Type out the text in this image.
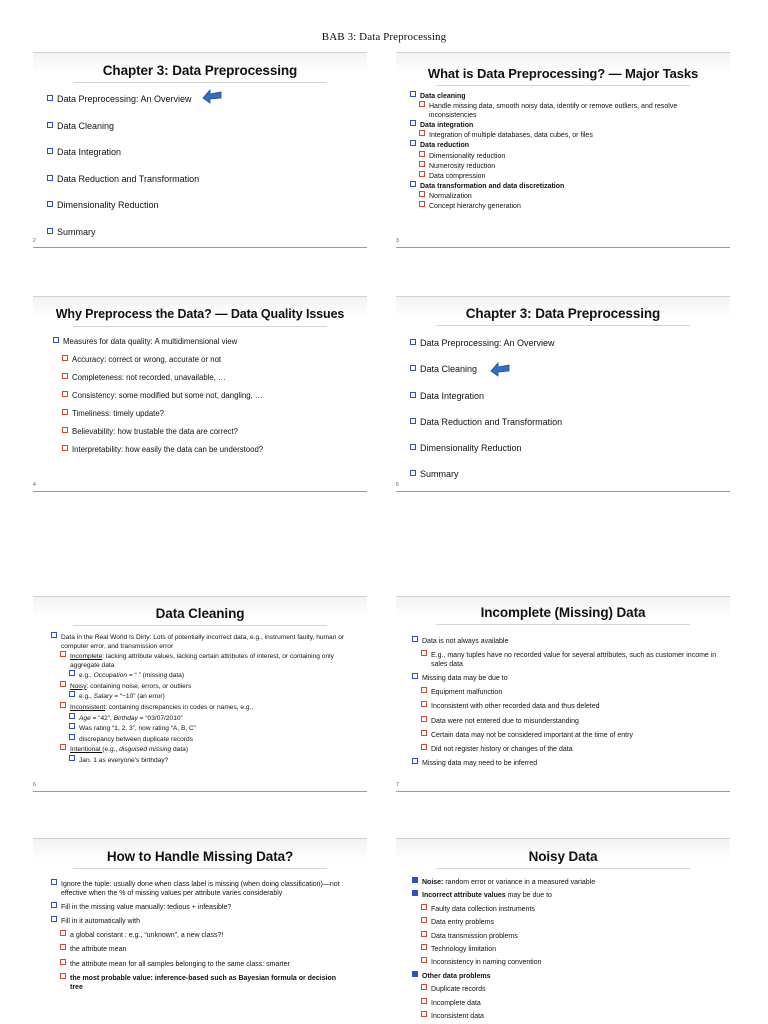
BAB 3: Data Preprocessing
Chapter 3: Data Preprocessing
Data Preprocessing: An Overview
Data Cleaning
Data Integration
Data Reduction and Transformation
Dimensionality Reduction
Summary
2
What is Data Preprocessing? — Major Tasks
Data cleaning
Handle missing data, smooth noisy data, identify or remove outliers, and resolve inconsistencies
Data integration
Integration of multiple databases, data cubes, or files
Data reduction
Dimensionality reduction
Numerosity reduction
Data compression
Data transformation and data discretization
Normalization
Concept hierarchy generation
3
Why Preprocess the Data? — Data Quality Issues
Measures for data quality: A multidimensional view
Accuracy: correct or wrong, accurate or not
Completeness: not recorded, unavailable, …
Consistency: some modified but some not, dangling, …
Timeliness: timely update?
Believability: how trustable the data are correct?
Interpretability: how easily the data can be understood?
4
Chapter 3: Data Preprocessing
Data Preprocessing: An Overview
Data Cleaning
Data Integration
Data Reduction and Transformation
Dimensionality Reduction
Summary
5
Data Cleaning
Data in the Real World Is Dirty: Lots of potentially incorrect data, e.g., instrument faulty, human or computer error, and transmission error
Incomplete: lacking attribute values, lacking certain attributes of interest, or containing only aggregate data
e.g., Occupation = “ ” (missing data)
Noisy: containing noise, errors, or outliers
e.g., Salary = “−10” (an error)
Inconsistent: containing discrepancies in codes or names, e.g.,
Age = “42”, Birthday = “03/07/2010”
Was rating “1, 2, 3”, now rating “A, B, C”
discrepancy between duplicate records
Intentional (e.g., disguised missing data)
Jan. 1 as everyone’s birthday?
6
Incomplete (Missing) Data
Data is not always available
E.g., many tuples have no recorded value for several attributes, such as customer income in sales data
Missing data may be due to
Equipment malfunction
Inconsistent with other recorded data and thus deleted
Data were not entered due to misunderstanding
Certain data may not be considered important at the time of entry
Did not register history or changes of the data
Missing data may need to be inferred
7
How to Handle Missing Data?
Ignore the tuple: usually done when class label is missing (when doing classification)—not effective when the % of missing values per attribute varies considerably
Fill in the missing value manually: tedious + infeasible?
Fill in it automatically with
a global constant : e.g., “unknown”, a new class?!
the attribute mean
the attribute mean for all samples belonging to the same class: smarter
the most probable value: inference-based such as Bayesian formula or decision tree
Noisy Data
Noise: random error or variance in a measured variable
Incorrect attribute values may be due to
Faulty data collection instruments
Data entry problems
Data transmission problems
Technology limitation
Inconsistency in naming convention
Other data problems
Duplicate records
Incomplete data
Inconsistent data
